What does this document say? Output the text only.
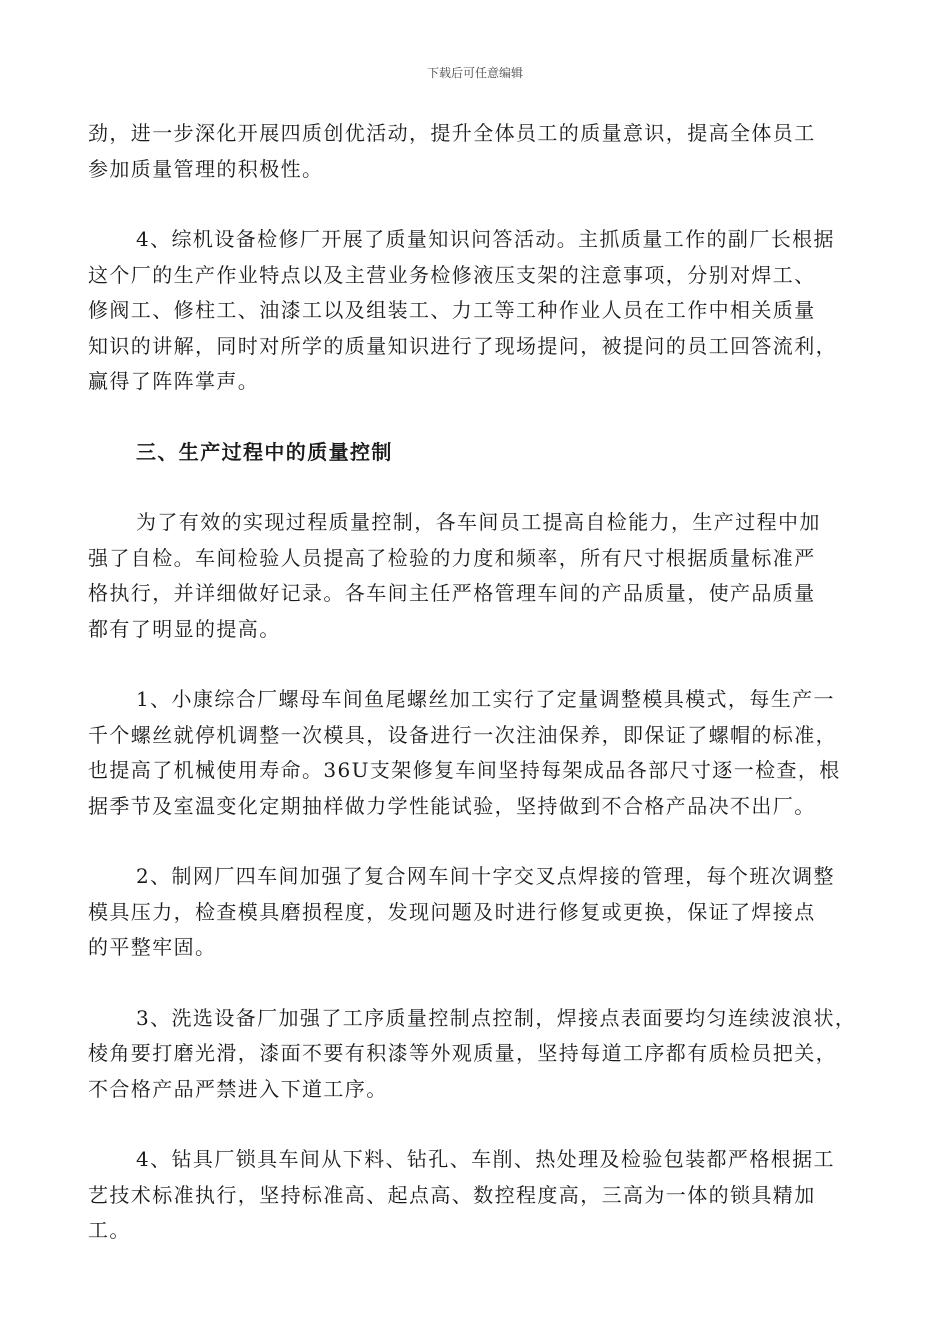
下载后可任意编辑

劲，进一步深化开展四质创优活动，提升全体员工的质量意识，提高全体员工
参加质量管理的积极性。

4、综机设备检修厂开展了质量知识问答活动。主抓质量工作的副厂长根据
这个厂的生产作业特点以及主营业务检修液压支架的注意事项，分别对焊工、
修阀工、修柱工、油漆工以及组装工、力工等工种作业人员在工作中相关质量
知识的讲解，同时对所学的质量知识进行了现场提问，被提问的员工回答流利，
赢得了阵阵掌声。

三、生产过程中的质量控制

为了有效的实现过程质量控制，各车间员工提高自检能力，生产过程中加
强了自检。车间检验人员提高了检验的力度和频率，所有尺寸根据质量标准严
格执行，并详细做好记录。各车间主任严格管理车间的产品质量，使产品质量
都有了明显的提高。

1、小康综合厂螺母车间鱼尾螺丝加工实行了定量调整模具模式，每生产一
千个螺丝就停机调整一次模具，设备进行一次注油保养，即保证了螺帽的标准，
也提高了机械使用寿命。36U支架修复车间坚持每架成品各部尺寸逐一检查，根
据季节及室温变化定期抽样做力学性能试验，坚持做到不合格产品决不出厂。

2、制网厂四车间加强了复合网车间十字交叉点焊接的管理，每个班次调整
模具压力，检查模具磨损程度，发现问题及时进行修复或更换，保证了焊接点
的平整牢固。

3、洗选设备厂加强了工序质量控制点控制，焊接点表面要均匀连续波浪状，
棱角要打磨光滑，漆面不要有积漆等外观质量，坚持每道工序都有质检员把关，
不合格产品严禁进入下道工序。

4、钻具厂锁具车间从下料、钻孔、车削、热处理及检验包装都严格根据工
艺技术标准执行，坚持标准高、起点高、数控程度高，三高为一体的锁具精加
工。
